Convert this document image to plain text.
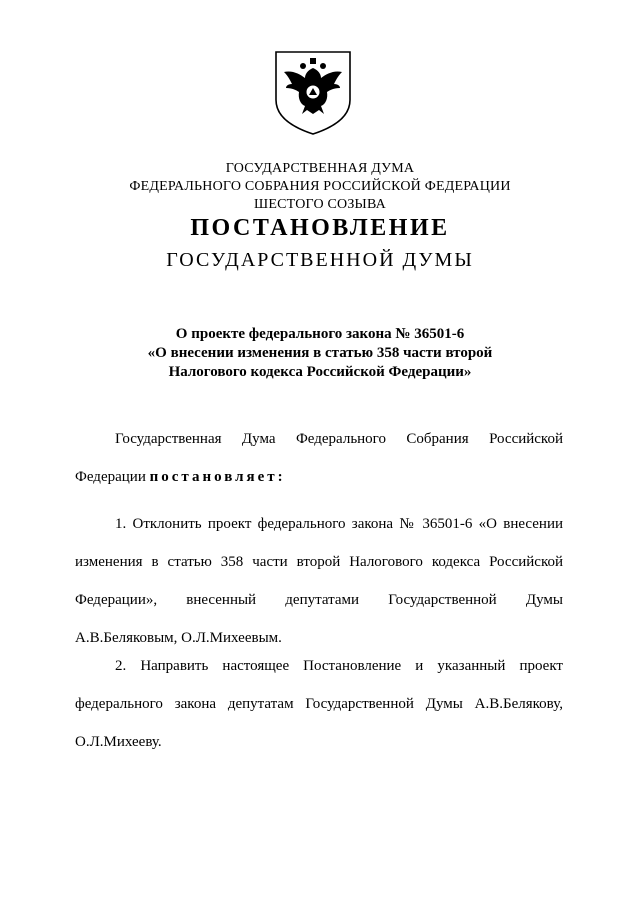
ГОСУДАРСТВЕННАЯ ДУМА
ФЕДЕРАЛЬНОГО СОБРАНИЯ РОССИЙСКОЙ ФЕДЕРАЦИИ
ШЕСТОГО СОЗЫВА
ПОСТАНОВЛЕНИЕ
ГОСУДАРСТВЕННОЙ ДУМЫ
О проекте федерального закона № 36501-6
«О внесении изменения в статью 358 части второй
Налогового кодекса Российской Федерации»
Государственная Дума Федерального Собрания Российской
Федерации постановляет:
1. Отклонить проект федерального закона № 36501-6 «О внесении
изменения в статью 358 части второй Налогового кодекса Российской
Федерации», внесенный депутатами Государственной Думы
А.В.Беляковым, О.Л.Михеевым.
2. Направить настоящее Постановление и указанный проект
федерального закона депутатам Государственной Думы А.В.Белякову,
О.Л.Михееву.
